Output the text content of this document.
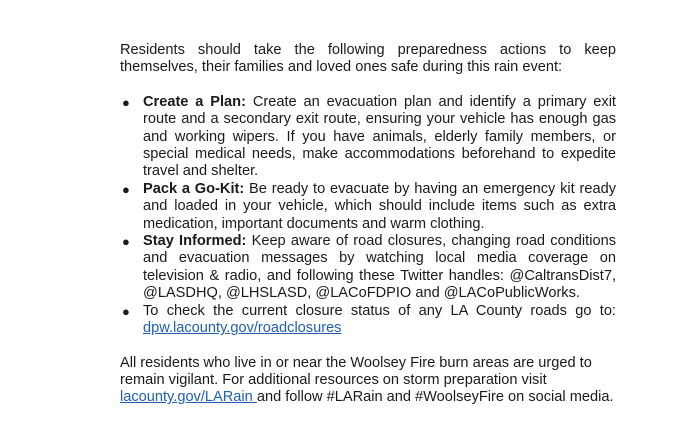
Residents should take the following preparedness actions to keep themselves, their families and loved ones safe during this rain event:

● Create a Plan: Create an evacuation plan and identify a primary exit route and a secondary exit route, ensuring your vehicle has enough gas and working wipers. If you have animals, elderly family members, or special medical needs, make accommodations beforehand to expedite travel and shelter.
● Pack a Go-Kit: Be ready to evacuate by having an emergency kit ready and loaded in your vehicle, which should include items such as extra medication, important documents and warm clothing.
● Stay Informed: Keep aware of road closures, changing road conditions and evacuation messages by watching local media coverage on television & radio, and following these Twitter handles: @CaltransDist7, @LASDHQ, @LHSLASD, @LACoFDPIO and @LACoPublicWorks.
● To check the current closure status of any LA County roads go to: dpw.lacounty.gov/roadclosures

All residents who live in or near the Woolsey Fire burn areas are urged to remain vigilant. For additional resources on storm preparation visit lacounty.gov/LARain and follow #LARain and #WoolseyFire on social media.
